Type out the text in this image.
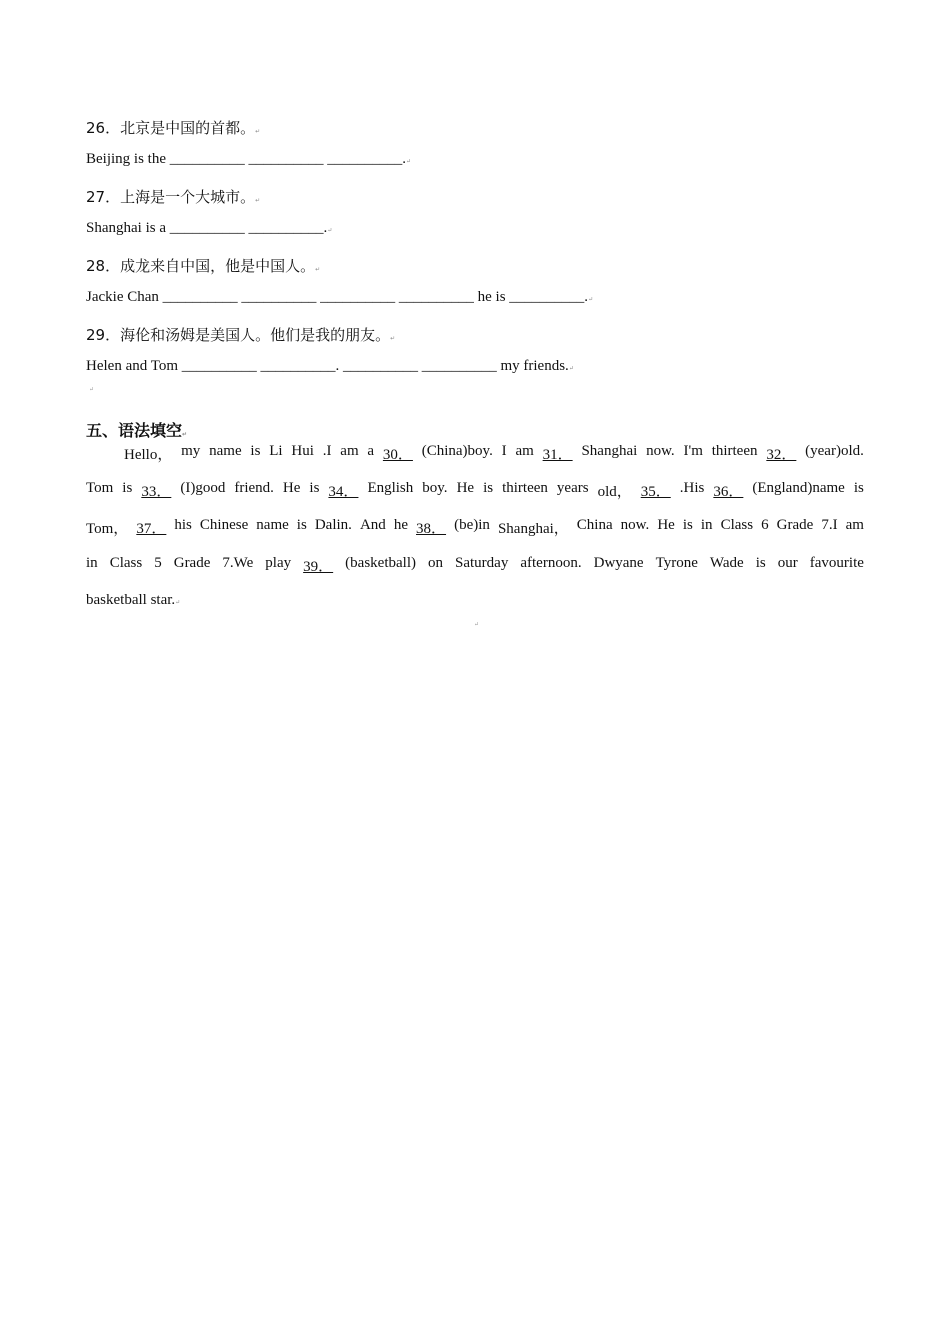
26．北京是中国的首都。↵
Beijing is the __________ __________ __________.↵
27．上海是一个大城市。↵
Shanghai is a __________ __________.↵
28．成龙来自中国，他是中国人。↵
Jackie Chan __________ __________ __________ __________ he is __________.↵
29．海伦和汤姆是美国人。他们是我的朋友。↵
Helen and Tom __________ __________. __________ __________ my friends.↵
↵
五、语法填空↵
Hello， my name is Li Hui .I am a 30． (China)boy. I am 31． Shanghai now. I'm thirteen 32． (year)old.
Tom is 33． (I)good friend. He is 34． English boy. He is thirteen years old， 35． .His 36． (England)name is
Tom， 37． his Chinese name is Dalin. And he 38． (be)in Shanghai， China now. He is in Class 6 Grade 7.I am
in Class 5 Grade 7.We play 39． (basketball) on Saturday afternoon. Dwyane Tyrone Wade is our favourite
basketball star.↵
↵
